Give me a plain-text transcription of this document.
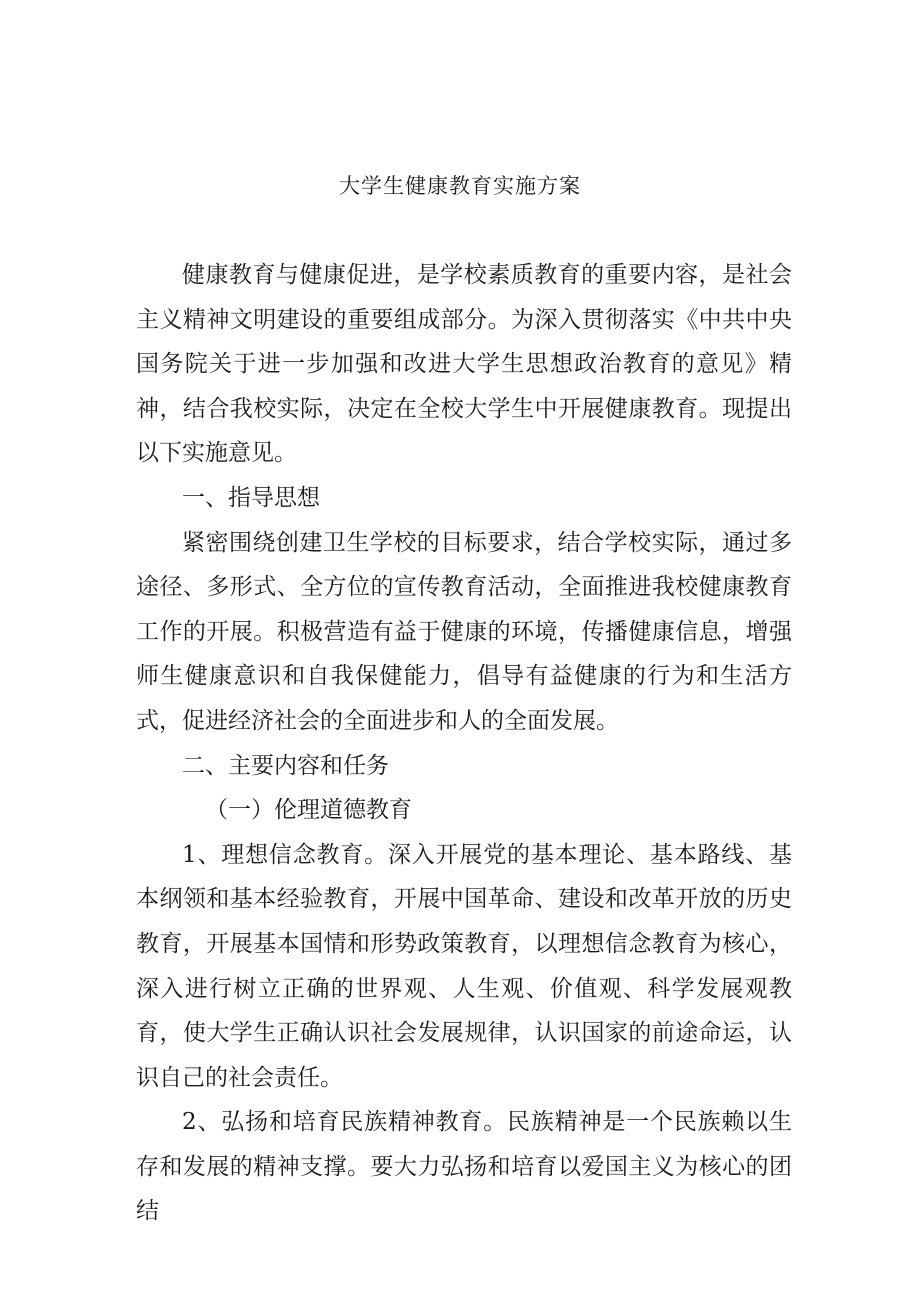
大学生健康教育实施方案

健康教育与健康促进，是学校素质教育的重要内容，是社会主义精神文明建设的重要组成部分。为深入贯彻落实《中共中央国务院关于进一步加强和改进大学生思想政治教育的意见》精神，结合我校实际，决定在全校大学生中开展健康教育。现提出以下实施意见。

一、指导思想

紧密围绕创建卫生学校的目标要求，结合学校实际，通过多途径、多形式、全方位的宣传教育活动，全面推进我校健康教育工作的开展。积极营造有益于健康的环境，传播健康信息，增强师生健康意识和自我保健能力，倡导有益健康的行为和生活方式，促进经济社会的全面进步和人的全面发展。

二、主要内容和任务

（一）伦理道德教育

1、理想信念教育。深入开展党的基本理论、基本路线、基本纲领和基本经验教育，开展中国革命、建设和改革开放的历史教育，开展基本国情和形势政策教育，以理想信念教育为核心，深入进行树立正确的世界观、人生观、价值观、科学发展观教育，使大学生正确认识社会发展规律，认识国家的前途命运，认识自己的社会责任。

2、弘扬和培育民族精神教育。民族精神是一个民族赖以生存和发展的精神支撑。要大力弘扬和培育以爱国主义为核心的团结
